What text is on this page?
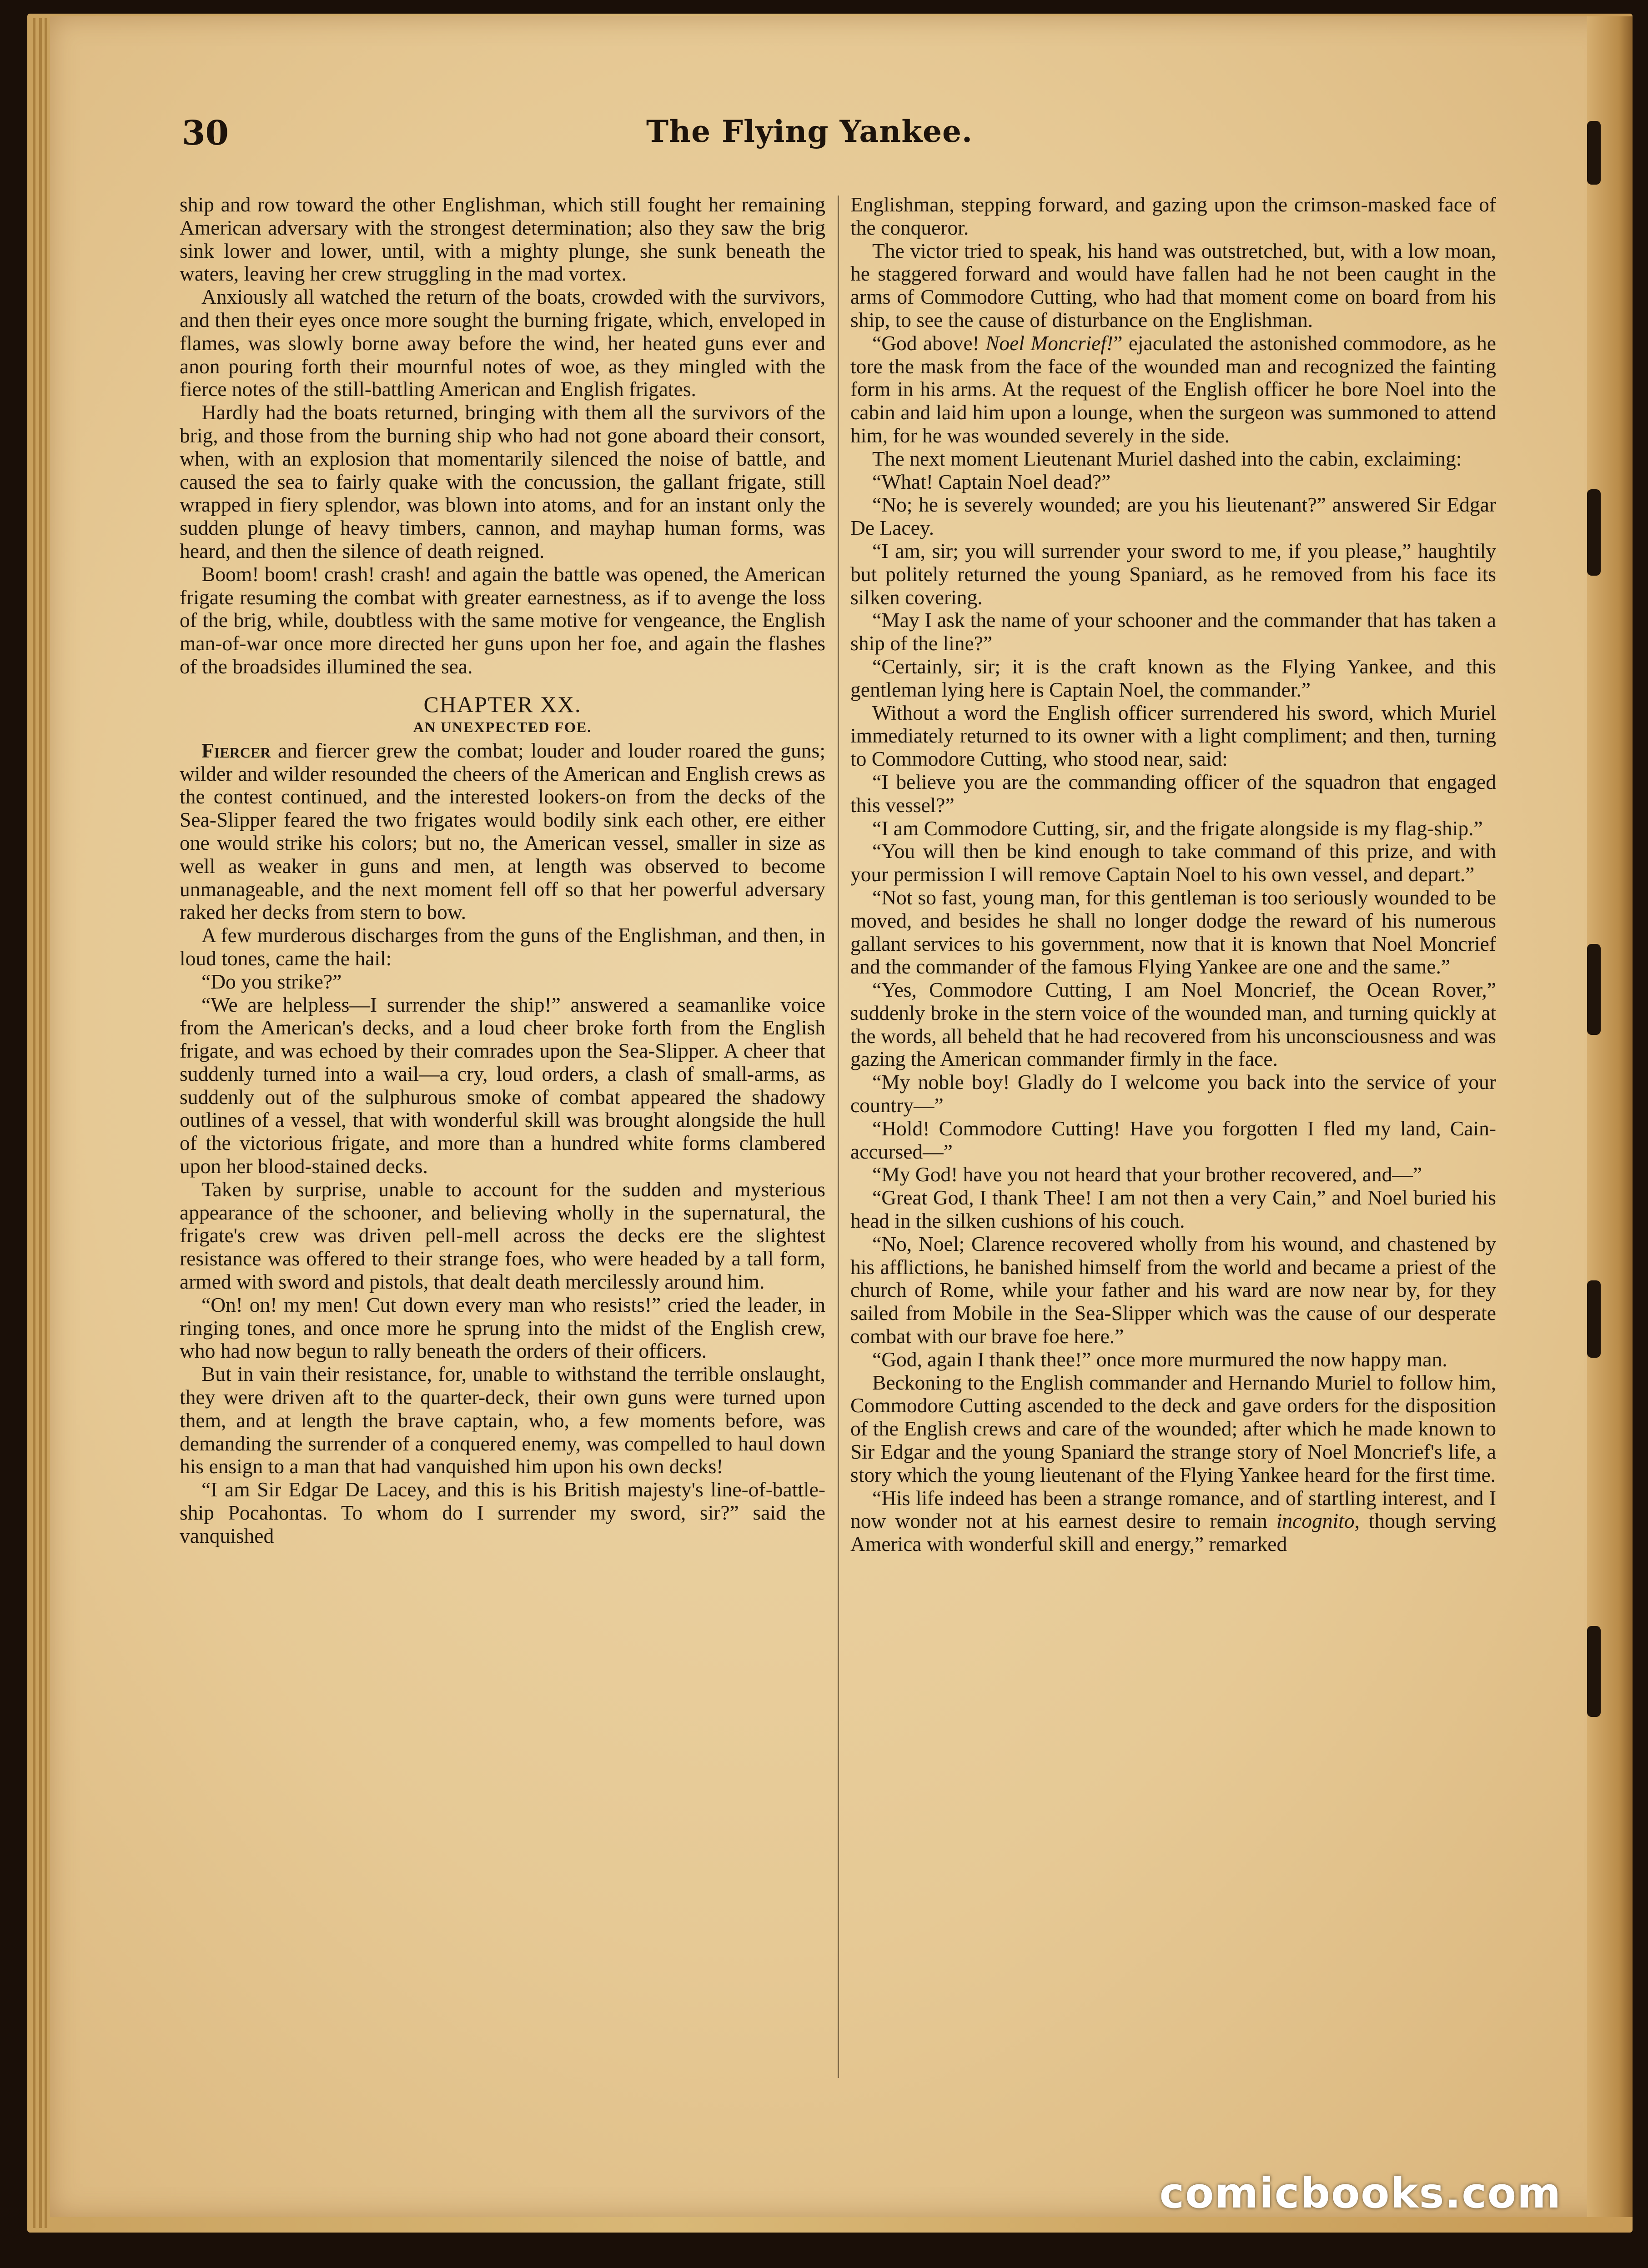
30	The Flying Yankee.

ship and row toward the other Englishman, which still fought her remaining American adversary with the strongest determination; also they saw the brig sink lower and lower, until, with a mighty plunge, she sunk beneath the waters, leaving her crew struggling in the mad vortex.

Anxiously all watched the return of the boats, crowded with the survivors, and then their eyes once more sought the burning frigate, which, enveloped in flames, was slowly borne away before the wind, her heated guns ever and anon pouring forth their mournful notes of woe, as they mingled with the fierce notes of the still-battling American and English frigates.

Hardly had the boats returned, bringing with them all the survivors of the brig, and those from the burning ship who had not gone aboard their consort, when, with an explosion that momentarily silenced the noise of battle, and caused the sea to fairly quake with the concussion, the gallant frigate, still wrapped in fiery splendor, was blown into atoms, and for an instant only the sudden plunge of heavy timbers, cannon, and mayhap human forms, was heard, and then the silence of death reigned.

Boom! boom! crash! crash! and again the battle was opened, the American frigate resuming the combat with greater earnestness, as if to avenge the loss of the brig, while, doubtless with the same motive for vengeance, the English man-of-war once more directed her guns upon her foe, and again the flashes of the broadsides illumined the sea.

CHAPTER XX.
AN UNEXPECTED FOE.

Fiercer and fiercer grew the combat; louder and louder roared the guns; wilder and wilder resounded the cheers of the American and English crews as the contest continued, and the interested lookers-on from the decks of the Sea-Slipper feared the two frigates would bodily sink each other, ere either one would strike his colors; but no, the American vessel, smaller in size as well as weaker in guns and men, at length was observed to become unmanageable, and the next moment fell off so that her powerful adversary raked her decks from stern to bow.

A few murderous discharges from the guns of the Englishman, and then, in loud tones, came the hail:

“Do you strike?”

“We are helpless—I surrender the ship!” answered a seamanlike voice from the American's decks, and a loud cheer broke forth from the English frigate, and was echoed by their comrades upon the Sea-Slipper. A cheer that suddenly turned into a wail—a cry, loud orders, a clash of small-arms, as suddenly out of the sulphurous smoke of combat appeared the shadowy outlines of a vessel, that with wonderful skill was brought alongside the hull of the victorious frigate, and more than a hundred white forms clambered upon her blood-stained decks.

Taken by surprise, unable to account for the sudden and mysterious appearance of the schooner, and believing wholly in the supernatural, the frigate's crew was driven pell-mell across the decks ere the slightest resistance was offered to their strange foes, who were headed by a tall form, armed with sword and pistols, that dealt death mercilessly around him.

“On! on! my men! Cut down every man who resists!” cried the leader, in ringing tones, and once more he sprung into the midst of the English crew, who had now begun to rally beneath the orders of their officers.

But in vain their resistance, for, unable to withstand the terrible onslaught, they were driven aft to the quarter-deck, their own guns were turned upon them, and at length the brave captain, who, a few moments before, was demanding the surrender of a conquered enemy, was compelled to haul down his ensign to a man that had vanquished him upon his own decks!

“I am Sir Edgar De Lacey, and this is his British majesty's line-of-battle-ship Pocahontas. To whom do I surrender my sword, sir?” said the vanquished

Englishman, stepping forward, and gazing upon the crimson-masked face of the conqueror.

The victor tried to speak, his hand was outstretched, but, with a low moan, he staggered forward and would have fallen had he not been caught in the arms of Commodore Cutting, who had that moment come on board from his ship, to see the cause of disturbance on the Englishman.

“God above! Noel Moncrief!” ejaculated the astonished commodore, as he tore the mask from the face of the wounded man and recognized the fainting form in his arms. At the request of the English officer he bore Noel into the cabin and laid him upon a lounge, when the surgeon was summoned to attend him, for he was wounded severely in the side.

The next moment Lieutenant Muriel dashed into the cabin, exclaiming:

“What! Captain Noel dead?”

“No; he is severely wounded; are you his lieutenant?” answered Sir Edgar De Lacey.

“I am, sir; you will surrender your sword to me, if you please,” haughtily but politely returned the young Spaniard, as he removed from his face its silken covering.

“May I ask the name of your schooner and the commander that has taken a ship of the line?”

“Certainly, sir; it is the craft known as the Flying Yankee, and this gentleman lying here is Captain Noel, the commander.”

Without a word the English officer surrendered his sword, which Muriel immediately returned to its owner with a light compliment; and then, turning to Commodore Cutting, who stood near, said:

“I believe you are the commanding officer of the squadron that engaged this vessel?”

“I am Commodore Cutting, sir, and the frigate alongside is my flag-ship.”

“You will then be kind enough to take command of this prize, and with your permission I will remove Captain Noel to his own vessel, and depart.”

“Not so fast, young man, for this gentleman is too seriously wounded to be moved, and besides he shall no longer dodge the reward of his numerous gallant services to his government, now that it is known that Noel Moncrief and the commander of the famous Flying Yankee are one and the same.”

“Yes, Commodore Cutting, I am Noel Moncrief, the Ocean Rover,” suddenly broke in the stern voice of the wounded man, and turning quickly at the words, all beheld that he had recovered from his unconsciousness and was gazing the American commander firmly in the face.

“My noble boy! Gladly do I welcome you back into the service of your country—”

“Hold! Commodore Cutting! Have you forgotten I fled my land, Cain-accursed—”

“My God! have you not heard that your brother recovered, and—”

“Great God, I thank Thee! I am not then a very Cain,” and Noel buried his head in the silken cushions of his couch.

“No, Noel; Clarence recovered wholly from his wound, and chastened by his afflictions, he banished himself from the world and became a priest of the church of Rome, while your father and his ward are now near by, for they sailed from Mobile in the Sea-Slipper which was the cause of our desperate combat with our brave foe here.”

“God, again I thank thee!” once more murmured the now happy man.

Beckoning to the English commander and Hernando Muriel to follow him, Commodore Cutting ascended to the deck and gave orders for the disposition of the English crews and care of the wounded; after which he made known to Sir Edgar and the young Spaniard the strange story of Noel Moncrief's life, a story which the young lieutenant of the Flying Yankee heard for the first time.

“His life indeed has been a strange romance, and of startling interest, and I now wonder not at his earnest desire to remain incognito, though serving America with wonderful skill and energy,” remarked

comicbooks.com
